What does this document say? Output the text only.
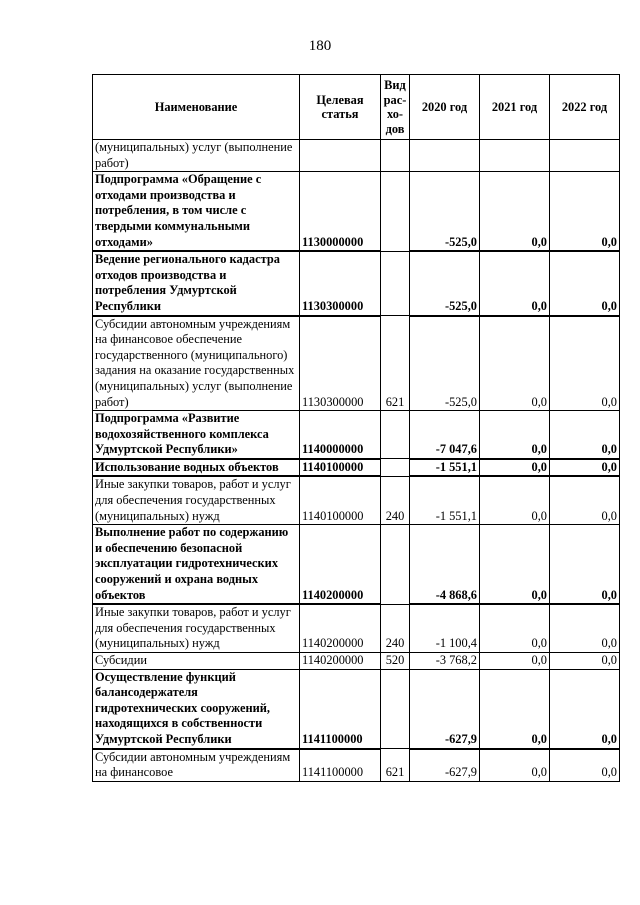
180
Наименование	Целевая статья	Вид рас-хо-дов	2020 год	2021 год	2022 год
(муниципальных) услуг (выполнение работ)					
Подпрограмма «Обращение с отходами производства и потребления, в том числе с твердыми коммунальными отходами»	1130000000		-525,0	0,0	0,0
Ведение регионального кадастра отходов производства и потребления Удмуртской Республики	1130300000		-525,0	0,0	0,0
Субсидии автономным учреждениям на финансовое обеспечение государственного (муниципального) задания на оказание государственных (муниципальных) услуг (выполнение работ)	1130300000	621	-525,0	0,0	0,0
Подпрограмма «Развитие водохозяйственного комплекса Удмуртской Республики»	1140000000		-7 047,6	0,0	0,0
Использование водных объектов	1140100000		-1 551,1	0,0	0,0
Иные закупки товаров, работ и услуг для обеспечения государственных (муниципальных) нужд	1140100000	240	-1 551,1	0,0	0,0
Выполнение работ по содержанию и обеспечению безопасной эксплуатации гидротехнических сооружений и охрана водных объектов	1140200000		-4 868,6	0,0	0,0
Иные закупки товаров, работ и услуг для обеспечения государственных (муниципальных) нужд	1140200000	240	-1 100,4	0,0	0,0
Субсидии	1140200000	520	-3 768,2	0,0	0,0
Осуществление функций балансодержателя гидротехнических сооружений, находящихся в собственности Удмуртской Республики	1141100000		-627,9	0,0	0,0
Субсидии автономным учреждениям на финансовое	1141100000	621	-627,9	0,0	0,0
